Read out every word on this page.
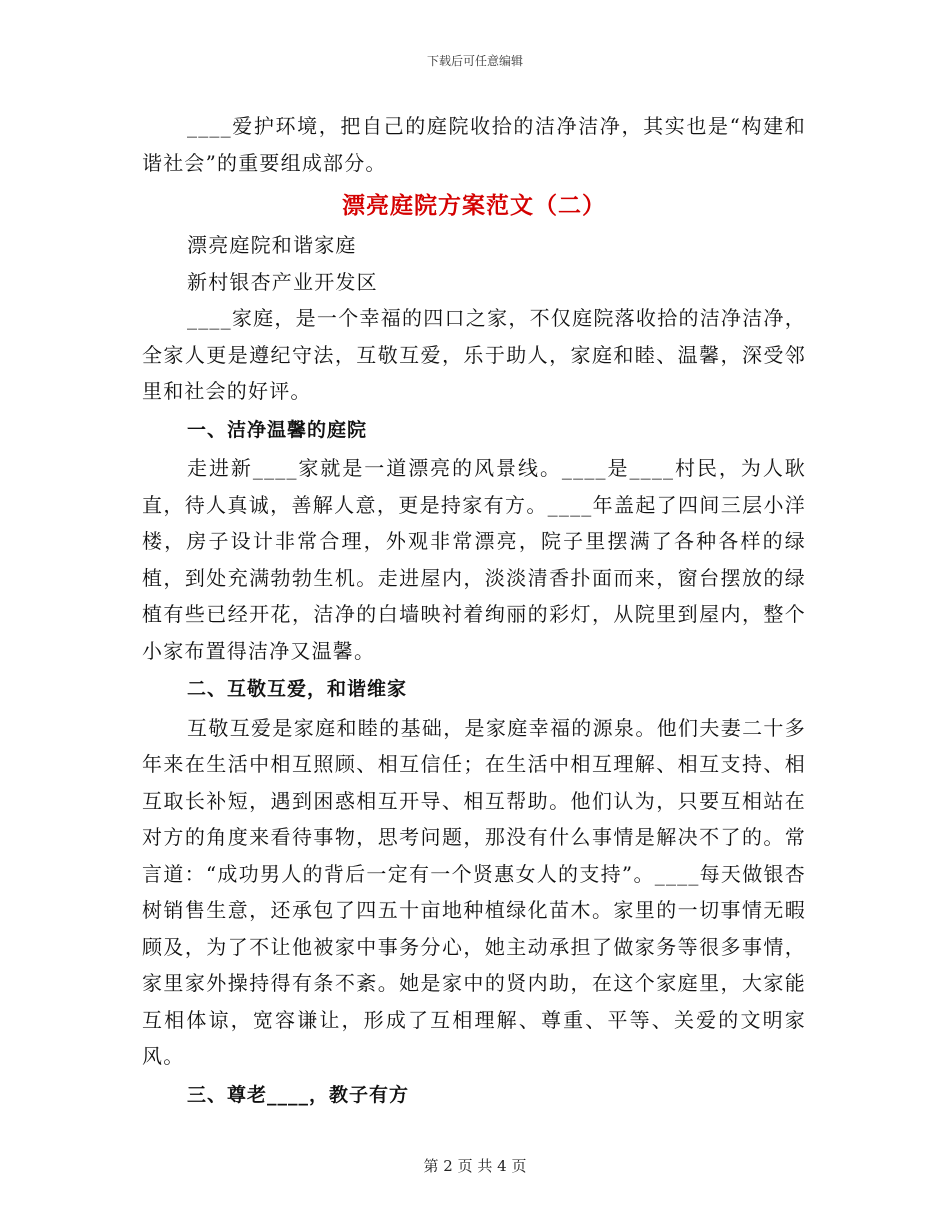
下载后可任意编辑

____爱护环境，把自己的庭院收拾的洁净洁净，其实也是“构建和谐社会”的重要组成部分。

漂亮庭院方案范文（二）

漂亮庭院和谐家庭

新村银杏产业开发区

____家庭，是一个幸福的四口之家，不仅庭院落收拾的洁净洁净，全家人更是遵纪守法，互敬互爱，乐于助人，家庭和睦、温馨，深受邻里和社会的好评。

一、洁净温馨的庭院

走进新____家就是一道漂亮的风景线。____是____村民，为人耿直，待人真诚，善解人意，更是持家有方。____年盖起了四间三层小洋楼，房子设计非常合理，外观非常漂亮，院子里摆满了各种各样的绿植，到处充满勃勃生机。走进屋内，淡淡清香扑面而来，窗台摆放的绿植有些已经开花，洁净的白墙映衬着绚丽的彩灯，从院里到屋内，整个小家布置得洁净又温馨。

二、互敬互爱，和谐维家

互敬互爱是家庭和睦的基础，是家庭幸福的源泉。他们夫妻二十多年来在生活中相互照顾、相互信任；在生活中相互理解、相互支持、相互取长补短，遇到困惑相互开导、相互帮助。他们认为，只要互相站在对方的角度来看待事物，思考问题，那没有什么事情是解决不了的。常言道：“成功男人的背后一定有一个贤惠女人的支持”。____每天做银杏树销售生意，还承包了四五十亩地种植绿化苗木。家里的一切事情无暇顾及，为了不让他被家中事务分心，她主动承担了做家务等很多事情，家里家外操持得有条不紊。她是家中的贤内助，在这个家庭里，大家能互相体谅，宽容谦让，形成了互相理解、尊重、平等、关爱的文明家风。

三、尊老____，教子有方
第 2 页 共 4 页
